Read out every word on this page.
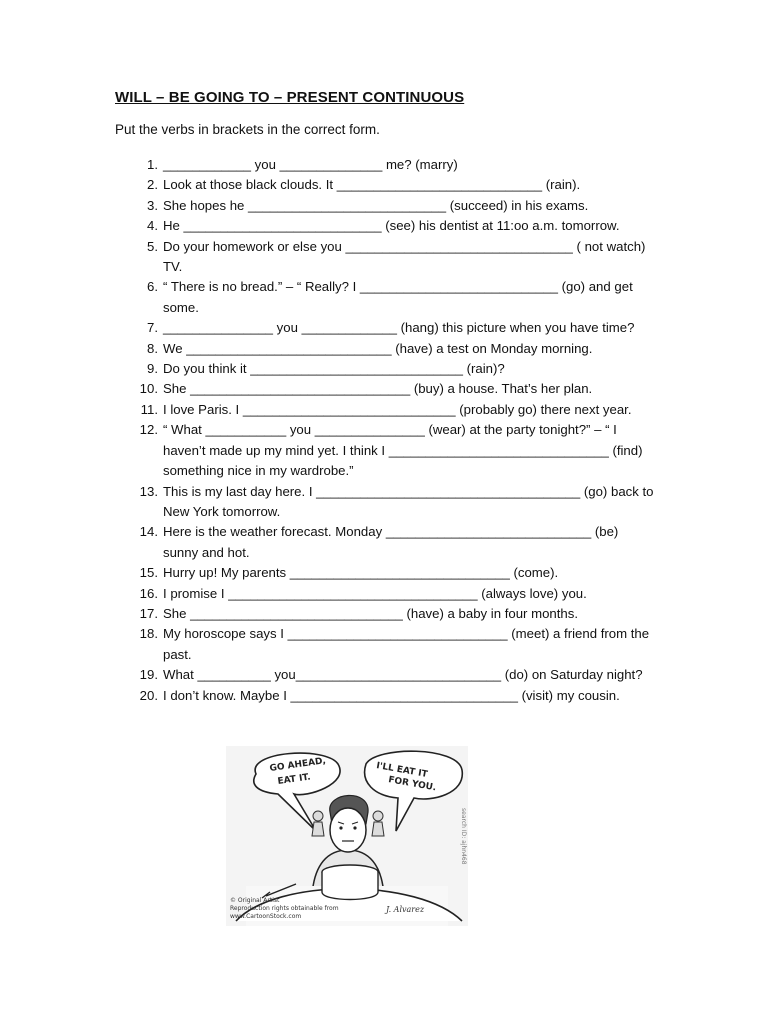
WILL – BE GOING TO – PRESENT CONTINUOUS
Put the verbs in brackets in the correct form.
1 . ____________ you ______________ me? (marry)
2 . Look at those black clouds. It ____________________________ (rain).
3 . She hopes he ___________________________ (succeed) in his exams.
4 . He ___________________________ (see) his dentist at 11:oo a.m. tomorrow.
5 . Do your homework or else you _______________________________ ( not watch) TV.
6 . “ There is no bread.” – “ Really? I ___________________________ (go) and get some.
7 . _______________ you _____________ (hang) this picture when you have time?
8 . We ____________________________ (have) a test on Monday morning.
9 . Do you think it _____________________________ (rain)?
10 . She ______________________________ (buy) a house. That’s her plan.
11 . I love Paris. I _____________________________ (probably go) there next year.
12 . “ What ___________ you _______________ (wear) at the party tonight?” – “ I haven’t made up my mind yet. I think I ______________________________ (find) something nice in my wardrobe.”
13 . This is my last day here. I ____________________________________ (go) back to New York tomorrow.
14 . Here is the weather forecast. Monday ____________________________ (be) sunny and hot.
15 . Hurry up! My parents ______________________________ (come).
16 . I promise I __________________________________ (always love) you.
17 . She _____________________________ (have) a baby in four months.
18 . My horoscope says I ______________________________ (meet) a friend from the past.
19 . What __________ you____________________________ (do) on Saturday night?
20 . I don’t know. Maybe I _______________________________ (visit) my cousin.
GO AHEAD,
EAT IT.	I'LL EAT IT
FOR YOU.
© Original Artist
Reproduction rights obtainable from
www.CartoonStock.com
J. Alvarez
search ID: ajhn468
